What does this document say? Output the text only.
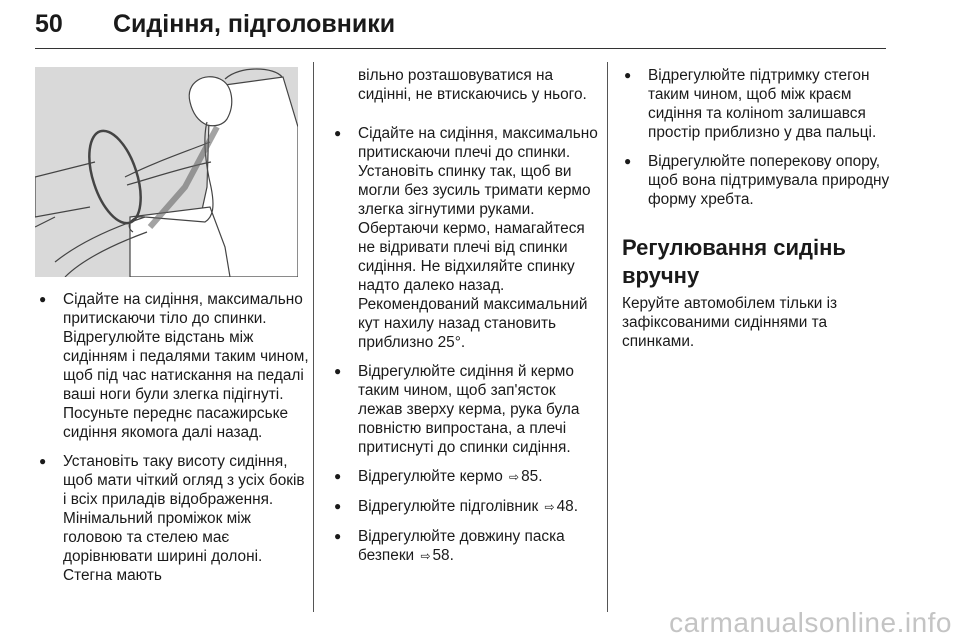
50 Сидіння, підголовники
● Сідайте на сидіння, максимально притискаючи тіло до спинки. Відрегулюйте відстань між сидінням і педалями таким чином, щоб під час натискання на педалі ваші ноги були злегка підігнуті. Посуньте переднє пасажирське сидіння якомога далі назад.
● Установіть таку висоту сидіння, щоб мати чіткий огляд з усіх боків і всіх приладів відображення. Мінімальний проміжок між головою та стелею має дорівнювати ширині долоні. Стегна мають

вільно розташовуватися на сидінні, не втискаючись у нього.

● Сідайте на сидіння, максимально притискаючи плечі до спинки. Установіть спинку так, щоб ви могли без зусиль тримати кермо злегка зігнутими руками. Обертаючи кермо, намагайтеся не відривати плечі від спинки сидіння. Не відхиляйте спинку надто далеко назад. Рекомендований максимальний кут нахилу назад становить приблизно 25°.
● Відрегулюйте сидіння й кермо таким чином, щоб зап'ясток лежав зверху керма, рука була повністю випростана, а плечі притиснуті до спинки сидіння.
● Відрегулюйте кермо ⇨ 85.
● Відрегулюйте підголівник ⇨ 48.
● Відрегулюйте довжину паска безпеки ⇨ 58.
● Відрегулюйте підтримку стегон таким чином, щоб між краєм сидіння та колінom залишався простір приблизно у два пальці.
● Відрегулюйте поперекову опору, щоб вона підтримувала природну форму хребта.
Регулювання сидінь вручну

Керуйте автомобілем тільки із зафіксованими сидіннями та спинками.

carmanualsonline.info
